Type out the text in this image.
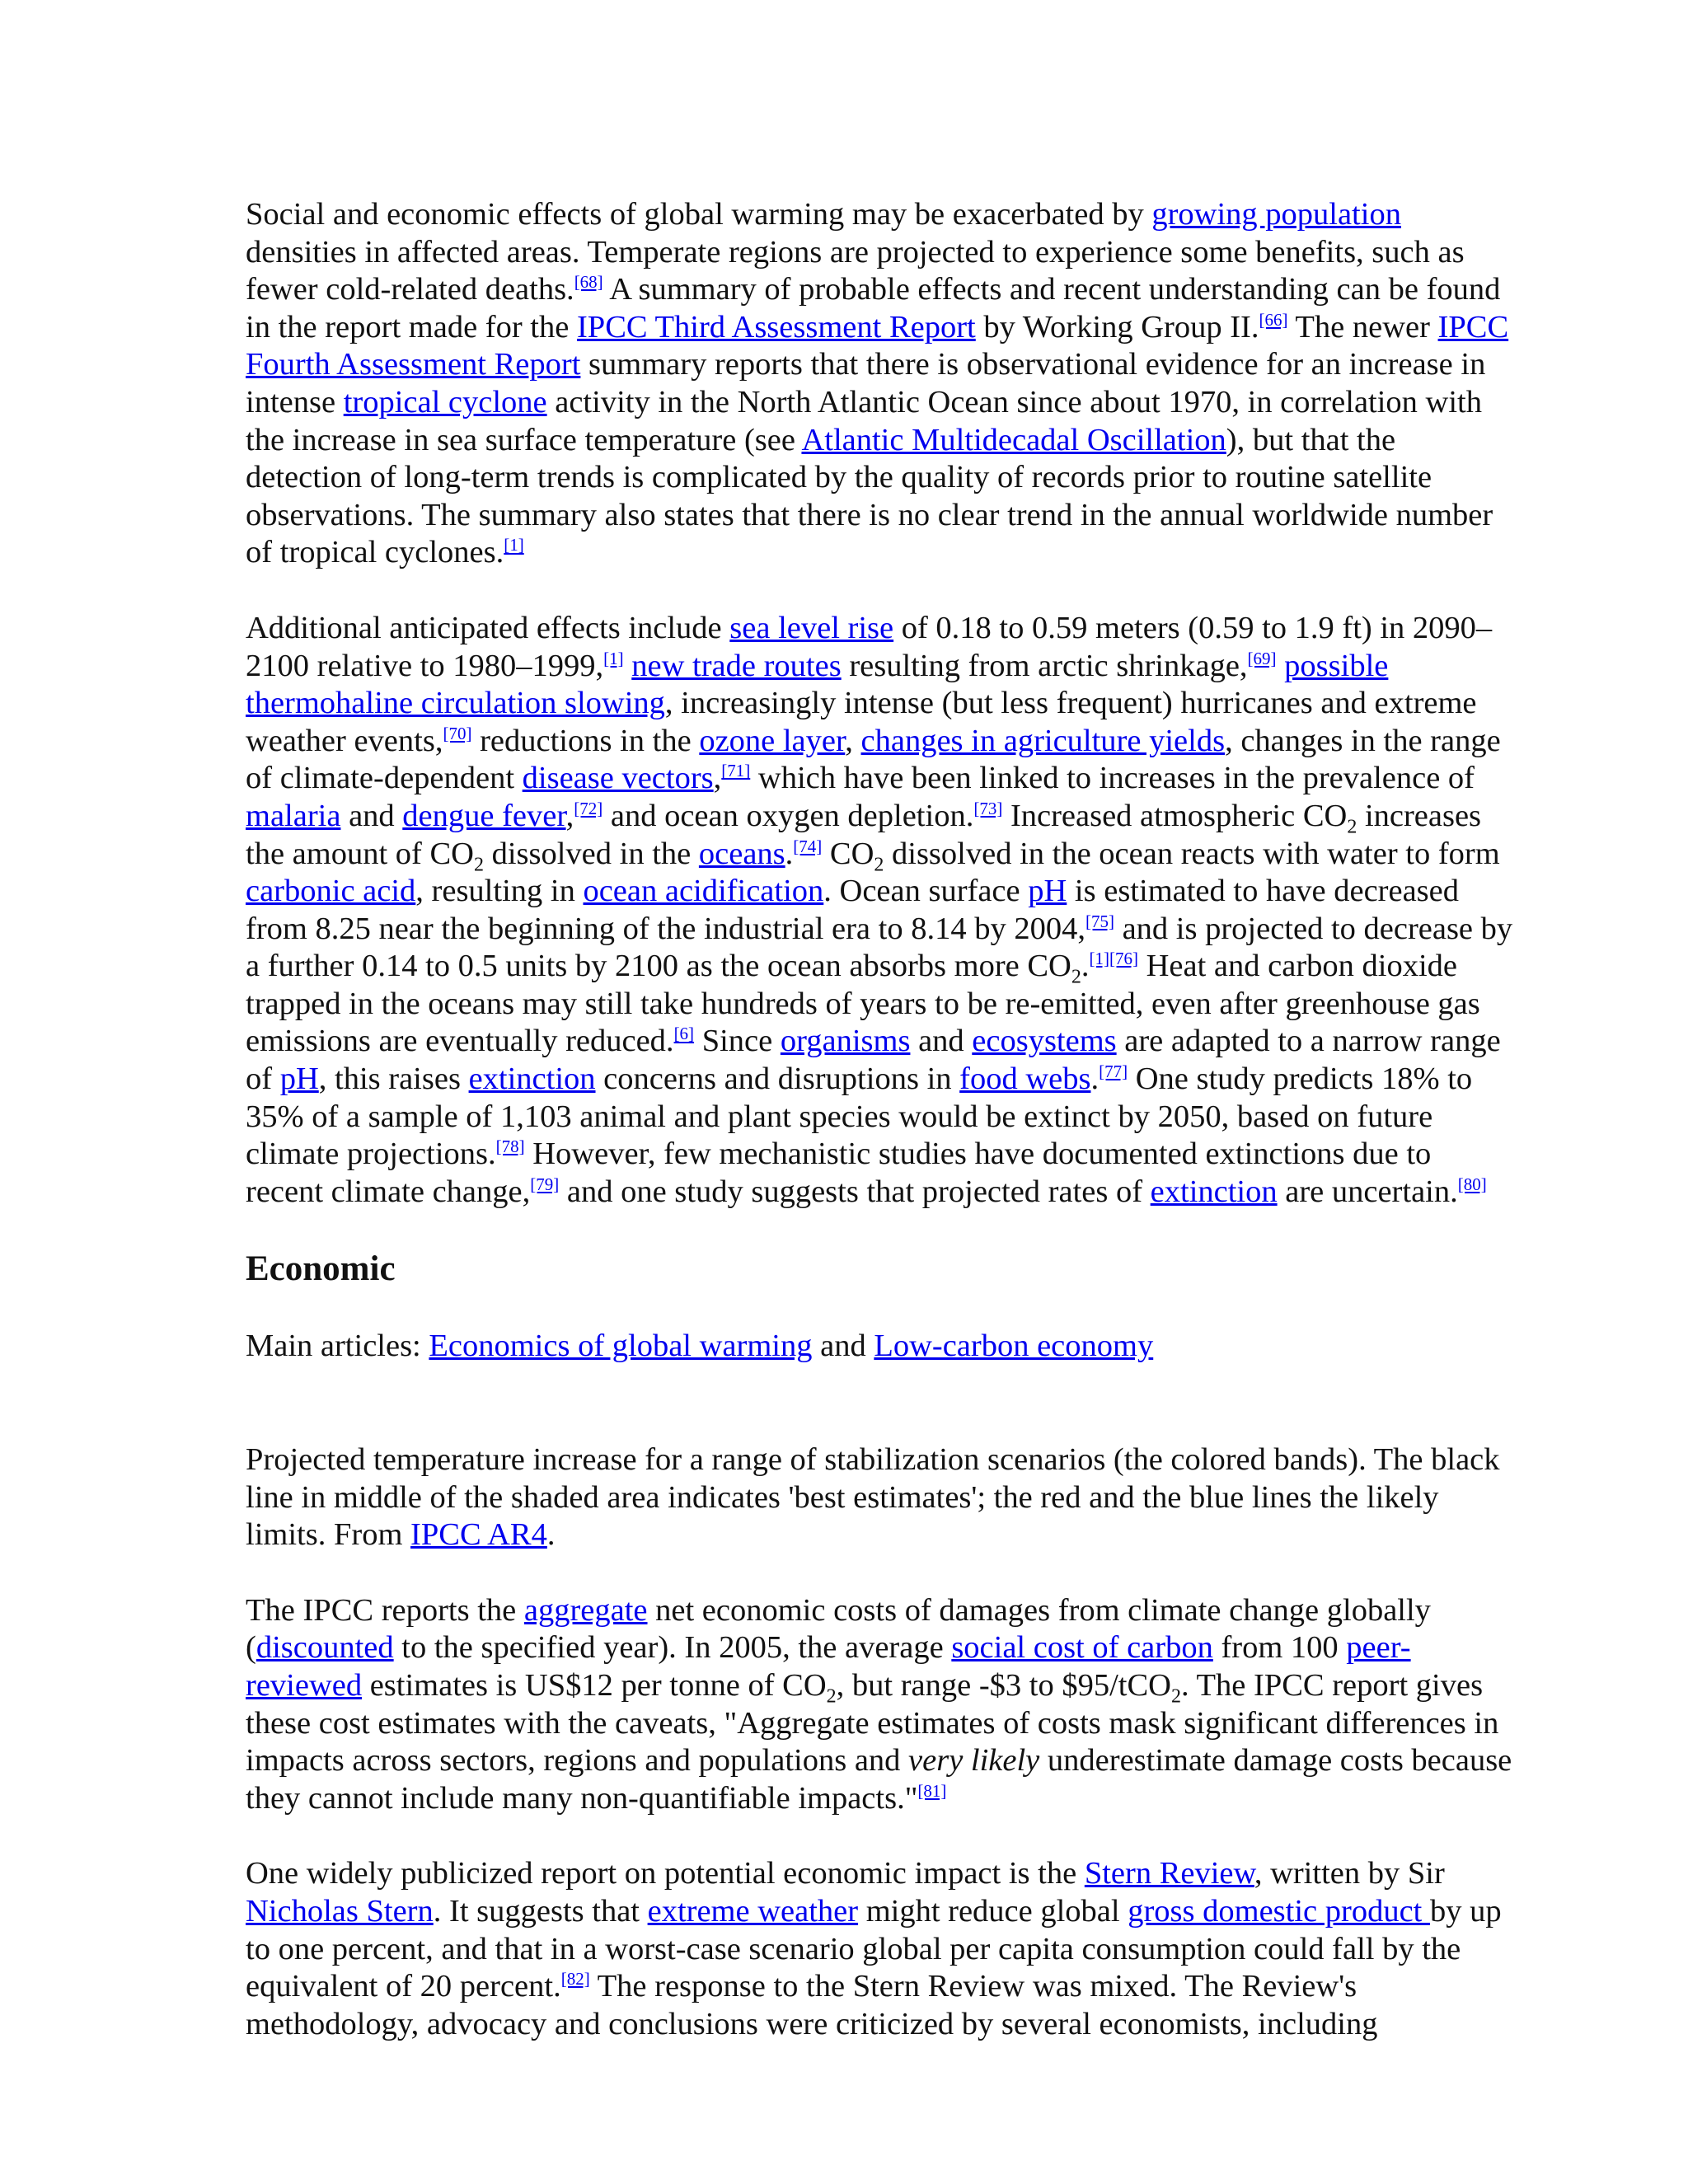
Social and economic effects of global warming may be exacerbated by growing population densities in affected areas. Temperate regions are projected to experience some benefits, such as fewer cold-related deaths.[68] A summary of probable effects and recent understanding can be found in the report made for the IPCC Third Assessment Report by Working Group II.[66] The newer IPCC Fourth Assessment Report summary reports that there is observational evidence for an increase in intense tropical cyclone activity in the North Atlantic Ocean since about 1970, in correlation with the increase in sea surface temperature (see Atlantic Multidecadal Oscillation), but that the detection of long-term trends is complicated by the quality of records prior to routine satellite observations. The summary also states that there is no clear trend in the annual worldwide number of tropical cyclones.[1]

Additional anticipated effects include sea level rise of 0.18 to 0.59 meters (0.59 to 1.9 ft) in 2090–2100 relative to 1980–1999,[1] new trade routes resulting from arctic shrinkage,[69] possible thermohaline circulation slowing, increasingly intense (but less frequent) hurricanes and extreme weather events,[70] reductions in the ozone layer, changes in agriculture yields, changes in the range of climate-dependent disease vectors,[71] which have been linked to increases in the prevalence of malaria and dengue fever,[72] and ocean oxygen depletion.[73] Increased atmospheric $CO_2$ increases the amount of $CO_2$ dissolved in the oceans.[74] $CO_2$ dissolved in the ocean reacts with water to form carbonic acid, resulting in ocean acidification. Ocean surface pH is estimated to have decreased from 8.25 near the beginning of the industrial era to 8.14 by 2004,[75] and is projected to decrease by a further 0.14 to 0.5 units by 2100 as the ocean absorbs more $CO_2.[1][76]$ Heat and carbon dioxide trapped in the oceans may still take hundreds of years to be re-emitted, even after greenhouse gas emissions are eventually reduced.[6] Since organisms and ecosystems are adapted to a narrow range of pH, this raises extinction concerns and disruptions in food webs.[77] One study predicts 18% to 35% of a sample of 1,103 animal and plant species would be extinct by 2050, based on future climate projections.[78] However, few mechanistic studies have documented extinctions due to recent climate change,[79] and one study suggests that projected rates of extinction are uncertain.[80]

Economic

Main articles: Economics of global warming and Low-carbon economy

Projected temperature increase for a range of stabilization scenarios (the colored bands). The black line in middle of the shaded area indicates 'best estimates'; the red and the blue lines the likely limits. From IPCC AR4.

The IPCC reports the aggregate net economic costs of damages from climate change globally (discounted to the specified year). In 2005, the average social cost of carbon from 100 peer-reviewed estimates is US$12 per tonne of $CO_2$, but range -$3 to $95/tCO$_2$. The IPCC report gives these cost estimates with the caveats, "Aggregate estimates of costs mask significant differences in impacts across sectors, regions and populations and very likely underestimate damage costs because they cannot include many non-quantifiable impacts."[81]

One widely publicized report on potential economic impact is the Stern Review, written by Sir Nicholas Stern. It suggests that extreme weather might reduce global gross domestic product by up to one percent, and that in a worst-case scenario global per capita consumption could fall by the equivalent of 20 percent.[82] The response to the Stern Review was mixed. The Review's methodology, advocacy and conclusions were criticized by several economists, including
